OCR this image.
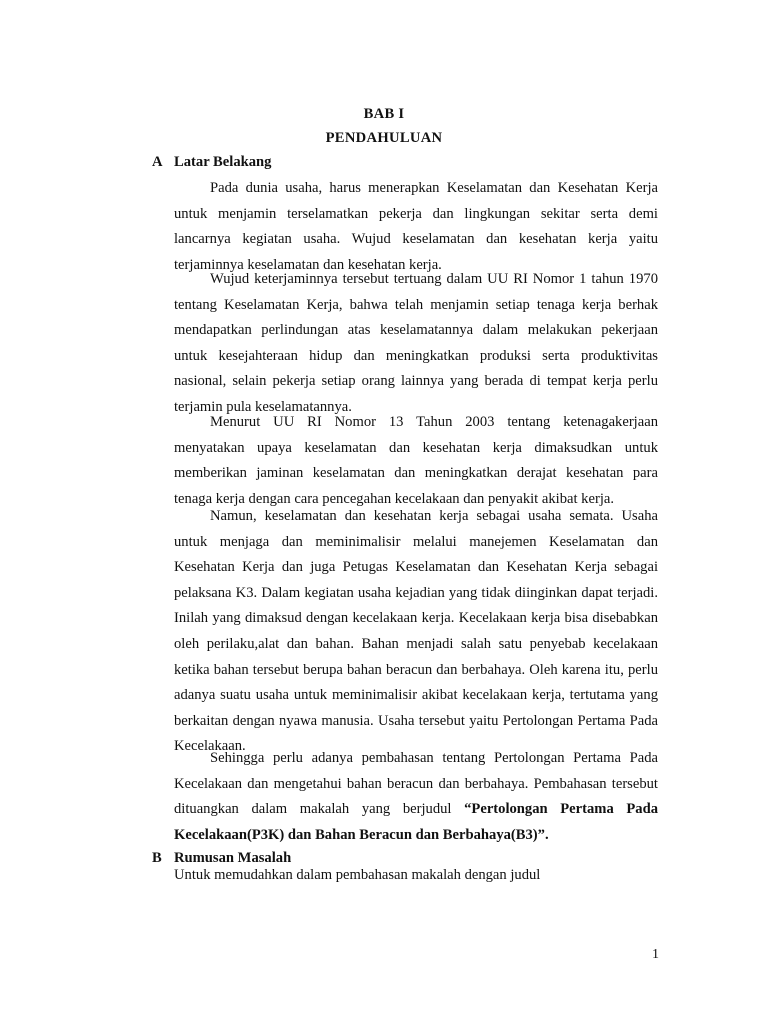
BAB I
PENDAHULUAN
A Latar Belakang

Pada dunia usaha, harus menerapkan Keselamatan dan Kesehatan Kerja untuk menjamin terselamatkan pekerja dan lingkungan sekitar serta demi lancarnya kegiatan usaha. Wujud keselamatan dan kesehatan kerja yaitu terjaminnya keselamatan dan kesehatan kerja.

Wujud keterjaminnya tersebut tertuang dalam UU RI Nomor 1 tahun 1970 tentang Keselamatan Kerja, bahwa telah menjamin setiap tenaga kerja berhak mendapatkan perlindungan atas keselamatannya dalam melakukan pekerjaan untuk kesejahteraan hidup dan meningkatkan produksi serta produktivitas nasional, selain pekerja setiap orang lainnya yang berada di tempat kerja perlu terjamin pula keselamatannya.

Menurut UU RI Nomor 13 Tahun 2003 tentang ketenagakerjaan menyatakan upaya keselamatan dan kesehatan kerja dimaksudkan untuk memberikan jaminan keselamatan dan meningkatkan derajat kesehatan para tenaga kerja dengan cara pencegahan kecelakaan dan penyakit akibat kerja.

Namun, keselamatan dan kesehatan kerja sebagai usaha semata. Usaha untuk menjaga dan meminimalisir melalui manejemen Keselamatan dan Kesehatan Kerja dan juga Petugas Keselamatan dan Kesehatan Kerja sebagai pelaksana K3. Dalam kegiatan usaha kejadian yang tidak diinginkan dapat terjadi. Inilah yang dimaksud dengan kecelakaan kerja. Kecelakaan kerja bisa disebabkan oleh perilaku,alat dan bahan. Bahan menjadi salah satu penyebab kecelakaan ketika bahan tersebut berupa bahan beracun dan berbahaya. Oleh karena itu, perlu adanya suatu usaha untuk meminimalisir akibat kecelakaan kerja, tertutama yang berkaitan dengan nyawa manusia. Usaha tersebut yaitu Pertolongan Pertama Pada Kecelakaan.

Sehingga perlu adanya pembahasan tentang Pertolongan Pertama Pada Kecelakaan dan mengetahui bahan beracun dan berbahaya. Pembahasan tersebut dituangkan dalam makalah yang berjudul “Pertolongan Pertama Pada Kecelakaan(P3K) dan Bahan Beracun dan Berbahaya(B3)”.

B Rumusan Masalah

Untuk memudahkan dalam pembahasan makalah dengan judul

1
